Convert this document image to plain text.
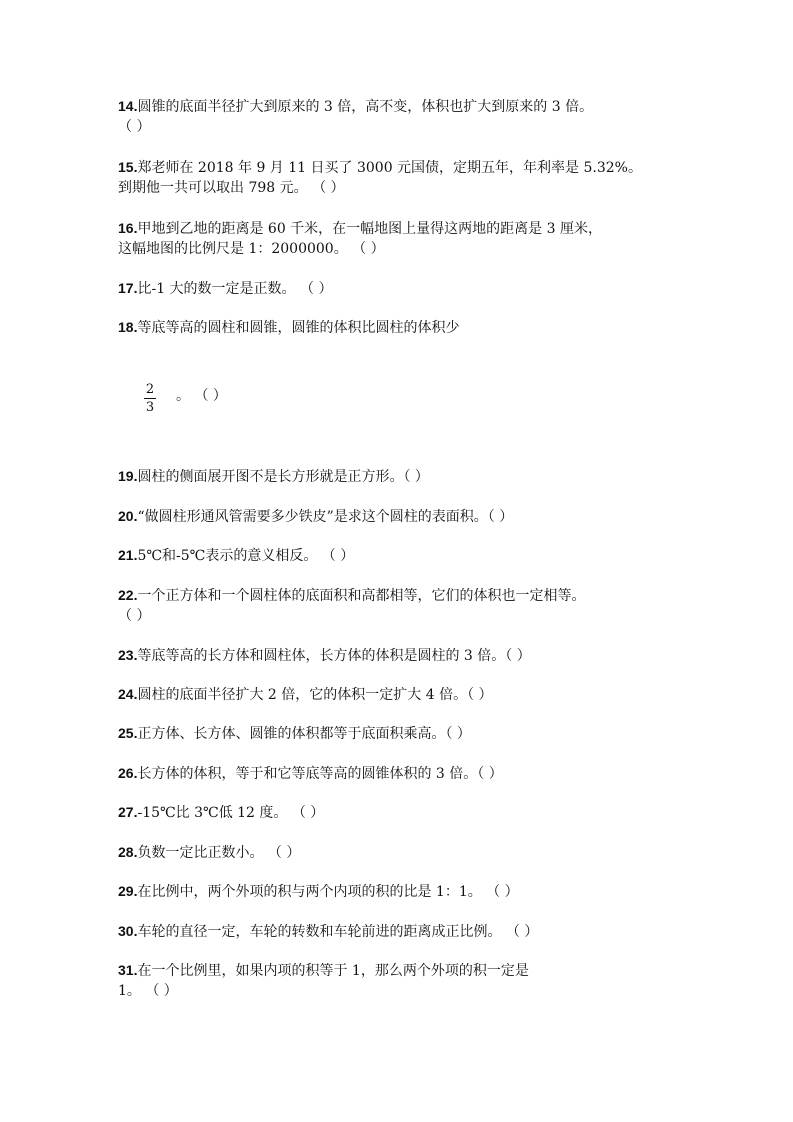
14.圆锥的底面半径扩大到原来的 3 倍，高不变，体积也扩大到原来的 3 倍。
（ ）
15.郑老师在 2018 年 9 月 11 日买了 3000 元国债，定期五年，年利率是 5.32%。
到期他一共可以取出 798 元。 （ ）
16.甲地到乙地的距离是 60 千米，在一幅地图上量得这两地的距离是 3 厘米，
这幅地图的比例尺是 1：2000000。 （ ）
17.比-1 大的数一定是正数。 （ ）
18.等底等高的圆柱和圆锥，圆锥的体积比圆柱的体积少
2
3
。 （ ）
19.圆柱的侧面展开图不是长方形就是正方形。（ ）
20.“做圆柱形通风管需要多少铁皮”是求这个圆柱的表面积。（ ）
21.5℃和-5℃表示的意义相反。 （ ）
22.一个正方体和一个圆柱体的底面积和高都相等，它们的体积也一定相等。
（ ）
23.等底等高的长方体和圆柱体，长方体的体积是圆柱的 3 倍。（ ）
24.圆柱的底面半径扩大 2 倍，它的体积一定扩大 4 倍。（ ）
25.正方体、长方体、圆锥的体积都等于底面积乘高。（ ）
26.长方体的体积，等于和它等底等高的圆锥体积的 3 倍。（ ）
27.-15℃比 3℃低 12 度。 （ ）
28.负数一定比正数小。 （ ）
29.在比例中，两个外项的积与两个内项的积的比是 1：1。 （ ）
30.车轮的直径一定，车轮的转数和车轮前进的距离成正比例。 （ ）
31.在一个比例里，如果内项的积等于 1，那么两个外项的积一定是
1。 （ ）
